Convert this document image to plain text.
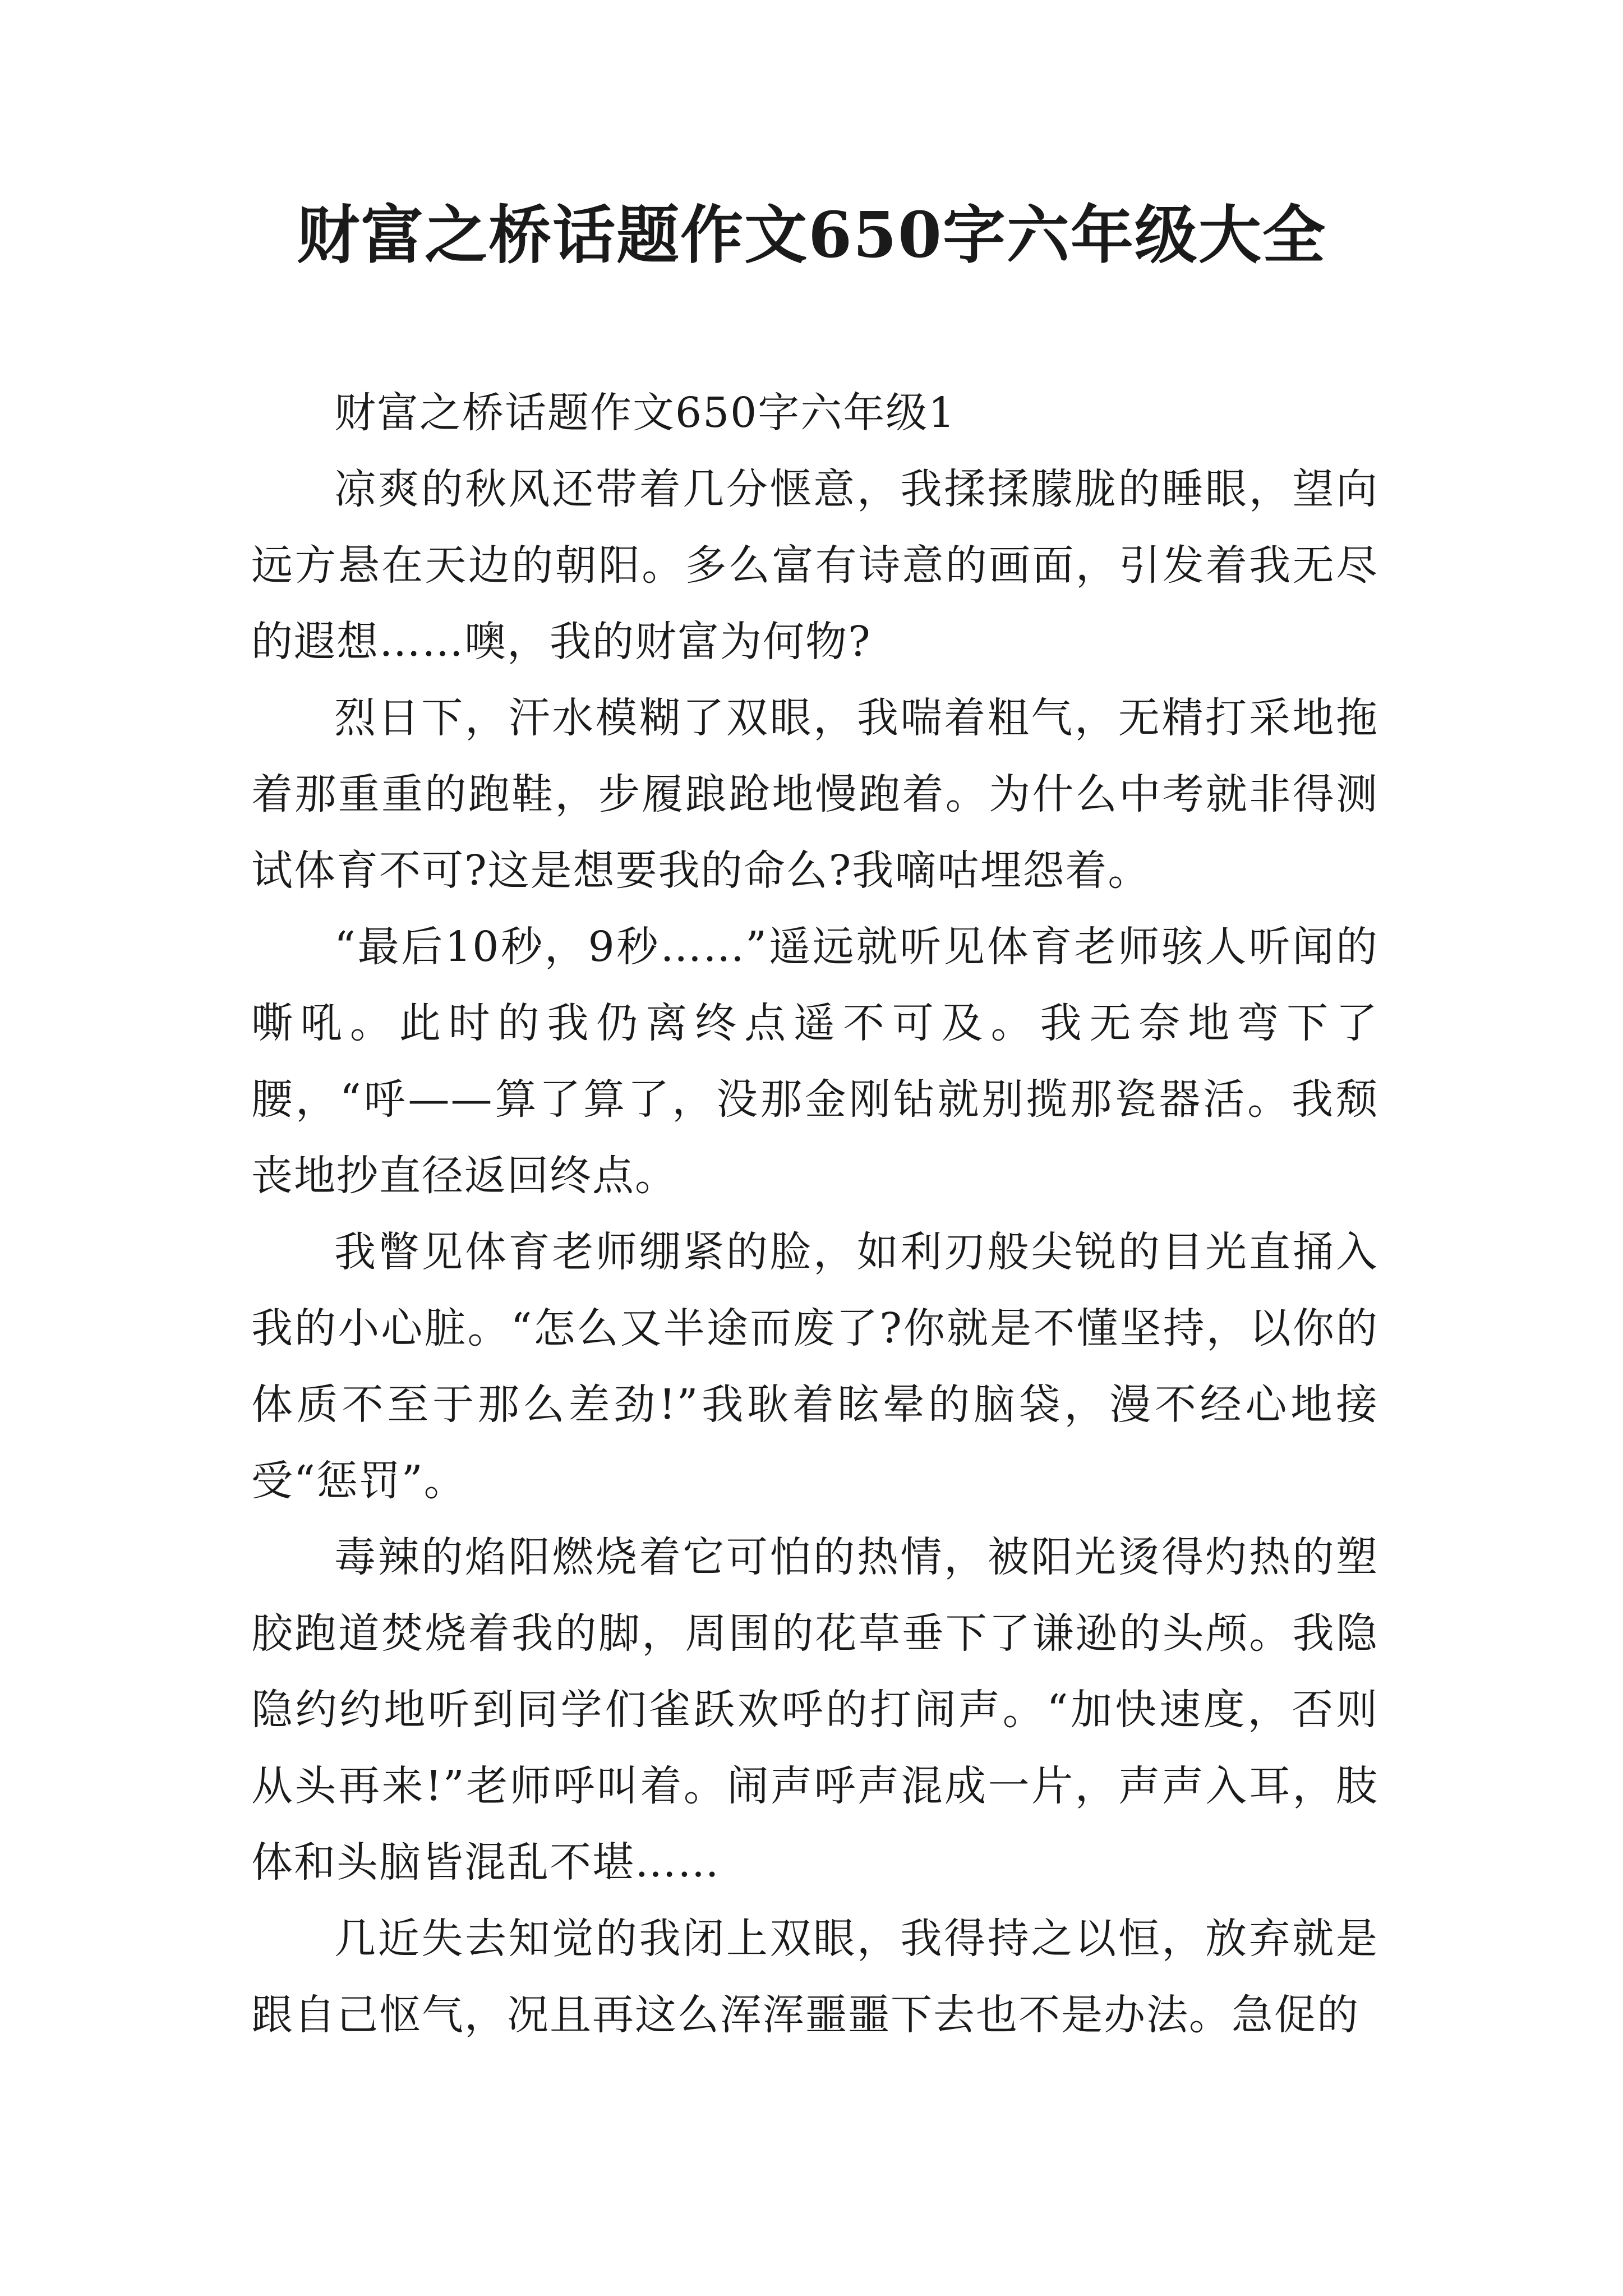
财富之桥话题作文650字六年级大全

财富之桥话题作文650字六年级1

凉爽的秋风还带着几分惬意，我揉揉朦胧的睡眼，望向远方悬在天边的朝阳。多么富有诗意的画面，引发着我无尽的遐想……噢，我的财富为何物?

烈日下，汗水模糊了双眼，我喘着粗气，无精打采地拖着那重重的跑鞋，步履踉跄地慢跑着。为什么中考就非得测试体育不可?这是想要我的命么?我嘀咕埋怨着。

“最后10秒，9秒……”遥远就听见体育老师骇人听闻的嘶吼。此时的我仍离终点遥不可及。我无奈地弯下了腰，“呼——算了算了，没那金刚钻就别揽那瓷器活。我颓丧地抄直径返回终点。

我瞥见体育老师绷紧的脸，如利刃般尖锐的目光直捅入我的小心脏。“怎么又半途而废了?你就是不懂坚持，以你的体质不至于那么差劲!”我耿着眩晕的脑袋，漫不经心地接受“惩罚”。

毒辣的焰阳燃烧着它可怕的热情，被阳光烫得灼热的塑胶跑道焚烧着我的脚，周围的花草垂下了谦逊的头颅。我隐隐约约地听到同学们雀跃欢呼的打闹声。“加快速度，否则从头再来!”老师呼叫着。闹声呼声混成一片，声声入耳，肢体和头脑皆混乱不堪……

几近失去知觉的我闭上双眼，我得持之以恒，放弃就是跟自己怄气，况且再这么浑浑噩噩下去也不是办法。急促的
